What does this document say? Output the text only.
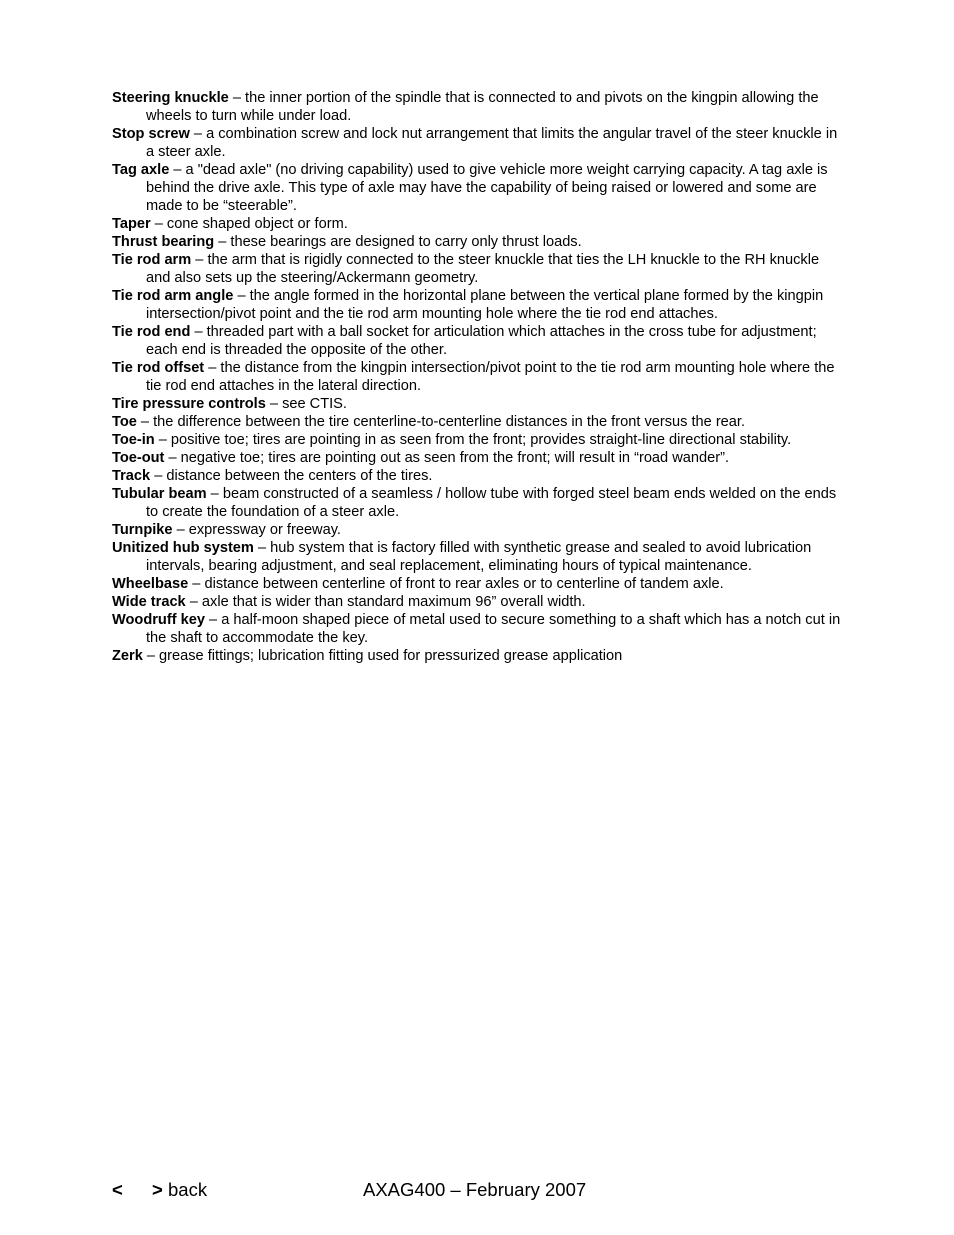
Steering knuckle – the inner portion of the spindle that is connected to and pivots on the kingpin allowing the wheels to turn while under load.

Stop screw – a combination screw and lock nut arrangement that limits the angular travel of the steer knuckle in a steer axle.

Tag axle – a "dead axle" (no driving capability) used to give vehicle more weight carrying capacity. A tag axle is behind the drive axle. This type of axle may have the capability of being raised or lowered and some are made to be “steerable”.

Taper – cone shaped object or form.

Thrust bearing – these bearings are designed to carry only thrust loads.

Tie rod arm – the arm that is rigidly connected to the steer knuckle that ties the LH knuckle to the RH knuckle and also sets up the steering/Ackermann geometry.

Tie rod arm angle – the angle formed in the horizontal plane between the vertical plane formed by the kingpin intersection/pivot point and the tie rod arm mounting hole where the tie rod end attaches.

Tie rod end – threaded part with a ball socket for articulation which attaches in the cross tube for adjustment; each end is threaded the opposite of the other.

Tie rod offset – the distance from the kingpin intersection/pivot point to the tie rod arm mounting hole where the tie rod end attaches in the lateral direction.

Tire pressure controls – see CTIS.

Toe – the difference between the tire centerline-to-centerline distances in the front versus the rear.

Toe-in – positive toe; tires are pointing in as seen from the front; provides straight-line directional stability.

Toe-out – negative toe; tires are pointing out as seen from the front; will result in “road wander”.

Track – distance between the centers of the tires.

Tubular beam – beam constructed of a seamless / hollow tube with forged steel beam ends welded on the ends to create the foundation of a steer axle.

Turnpike – expressway or freeway.

Unitized hub system – hub system that is factory filled with synthetic grease and sealed to avoid lubrication intervals, bearing adjustment, and seal replacement, eliminating hours of typical maintenance.

Wheelbase – distance between centerline of front to rear axles or to centerline of tandem axle.

Wide track – axle that is wider than standard maximum 96” overall width.

Woodruff key – a half-moon shaped piece of metal used to secure something to a shaft which has a notch cut in the shaft to accommodate the key.

Zerk – grease fittings; lubrication fitting used for pressurized grease application

< > back	AXAG400 – February 2007
